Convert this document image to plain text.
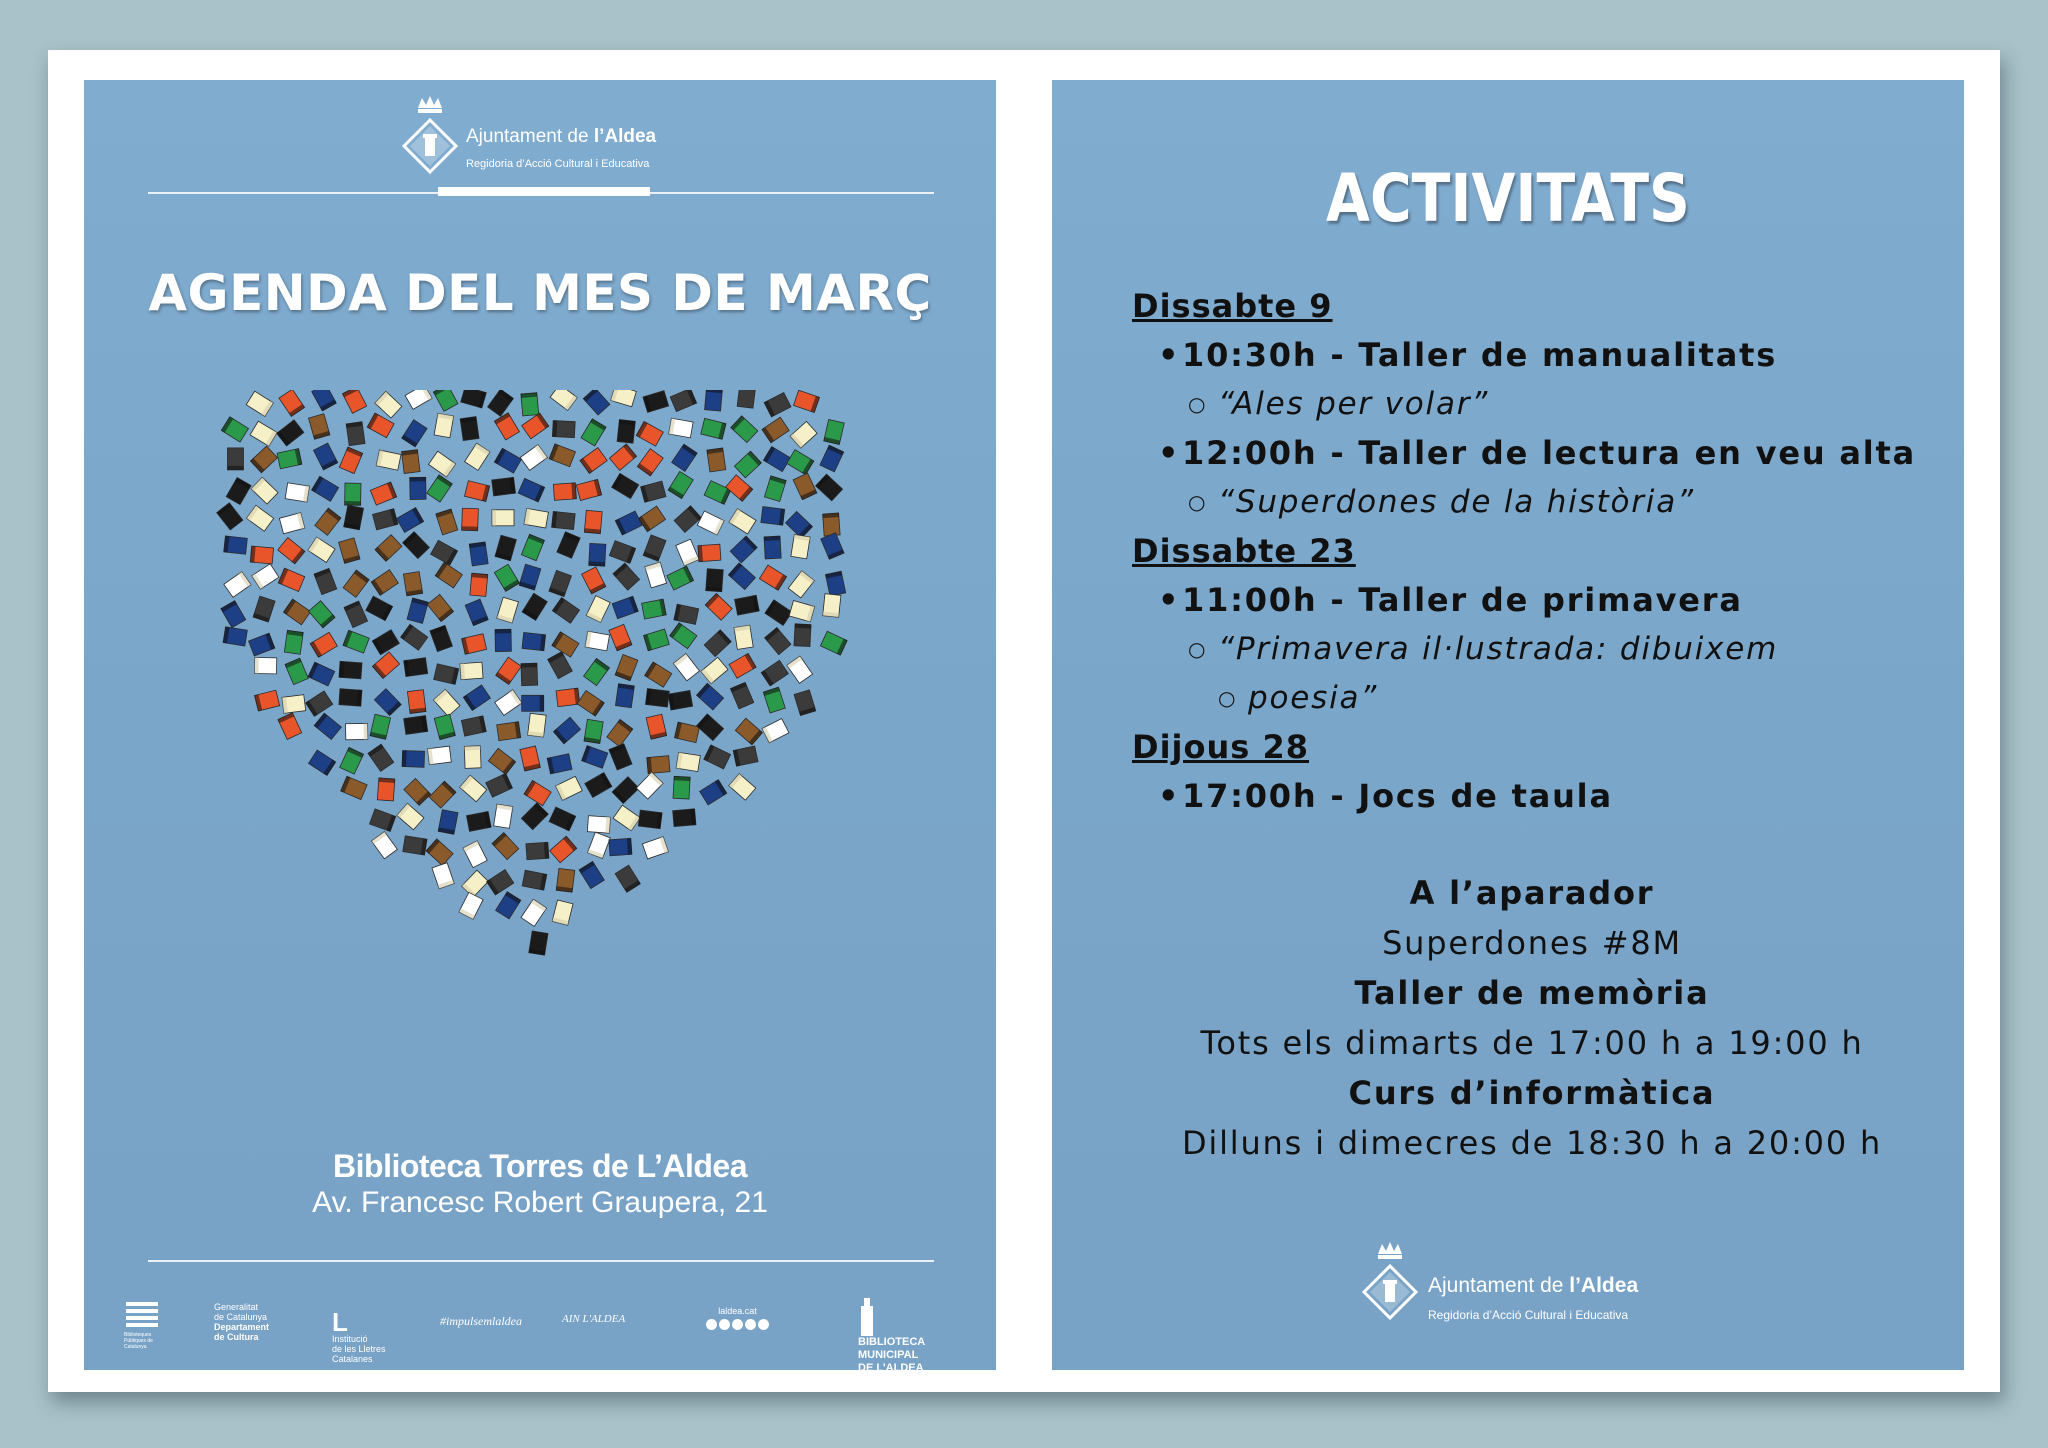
Ajuntament de l’Aldea
Regidoria d’Acció Cultural i Educativa
AGENDA DEL MES DE MARÇ
Biblioteca Torres de L’Aldea
Av. Francesc Robert Graupera, 21
Biblioteques Públiques de Catalunya
Generalitat
de Catalunya
Departament
de Cultura	L
Institució
de les Lletres
Catalanes
#impulsemlaldea	AIN L'ALDEA
laldea.cat
BIBLIOTECA
MUNICIPAL
DE L'ALDEA
ACTIVITATS
Dissabte 9
• 10:30h - Taller de manualitats
○ “Ales per volar”
• 12:00h - Taller de lectura en veu alta
○ “Superdones de la història”
Dissabte 23
• 11:00h - Taller de primavera
○ “Primavera il·lustrada: dibuixem
○ poesia”
Dijous 28
• 17:00h - Jocs de taula
A l’aparador
Superdones #8M
Taller de memòria
Tots els dimarts de 17:00 h a 19:00 h
Curs d’informàtica
Dilluns i dimecres de 18:30 h a 20:00 h
Ajuntament de l’Aldea
Regidoria d’Acció Cultural i Educativa
